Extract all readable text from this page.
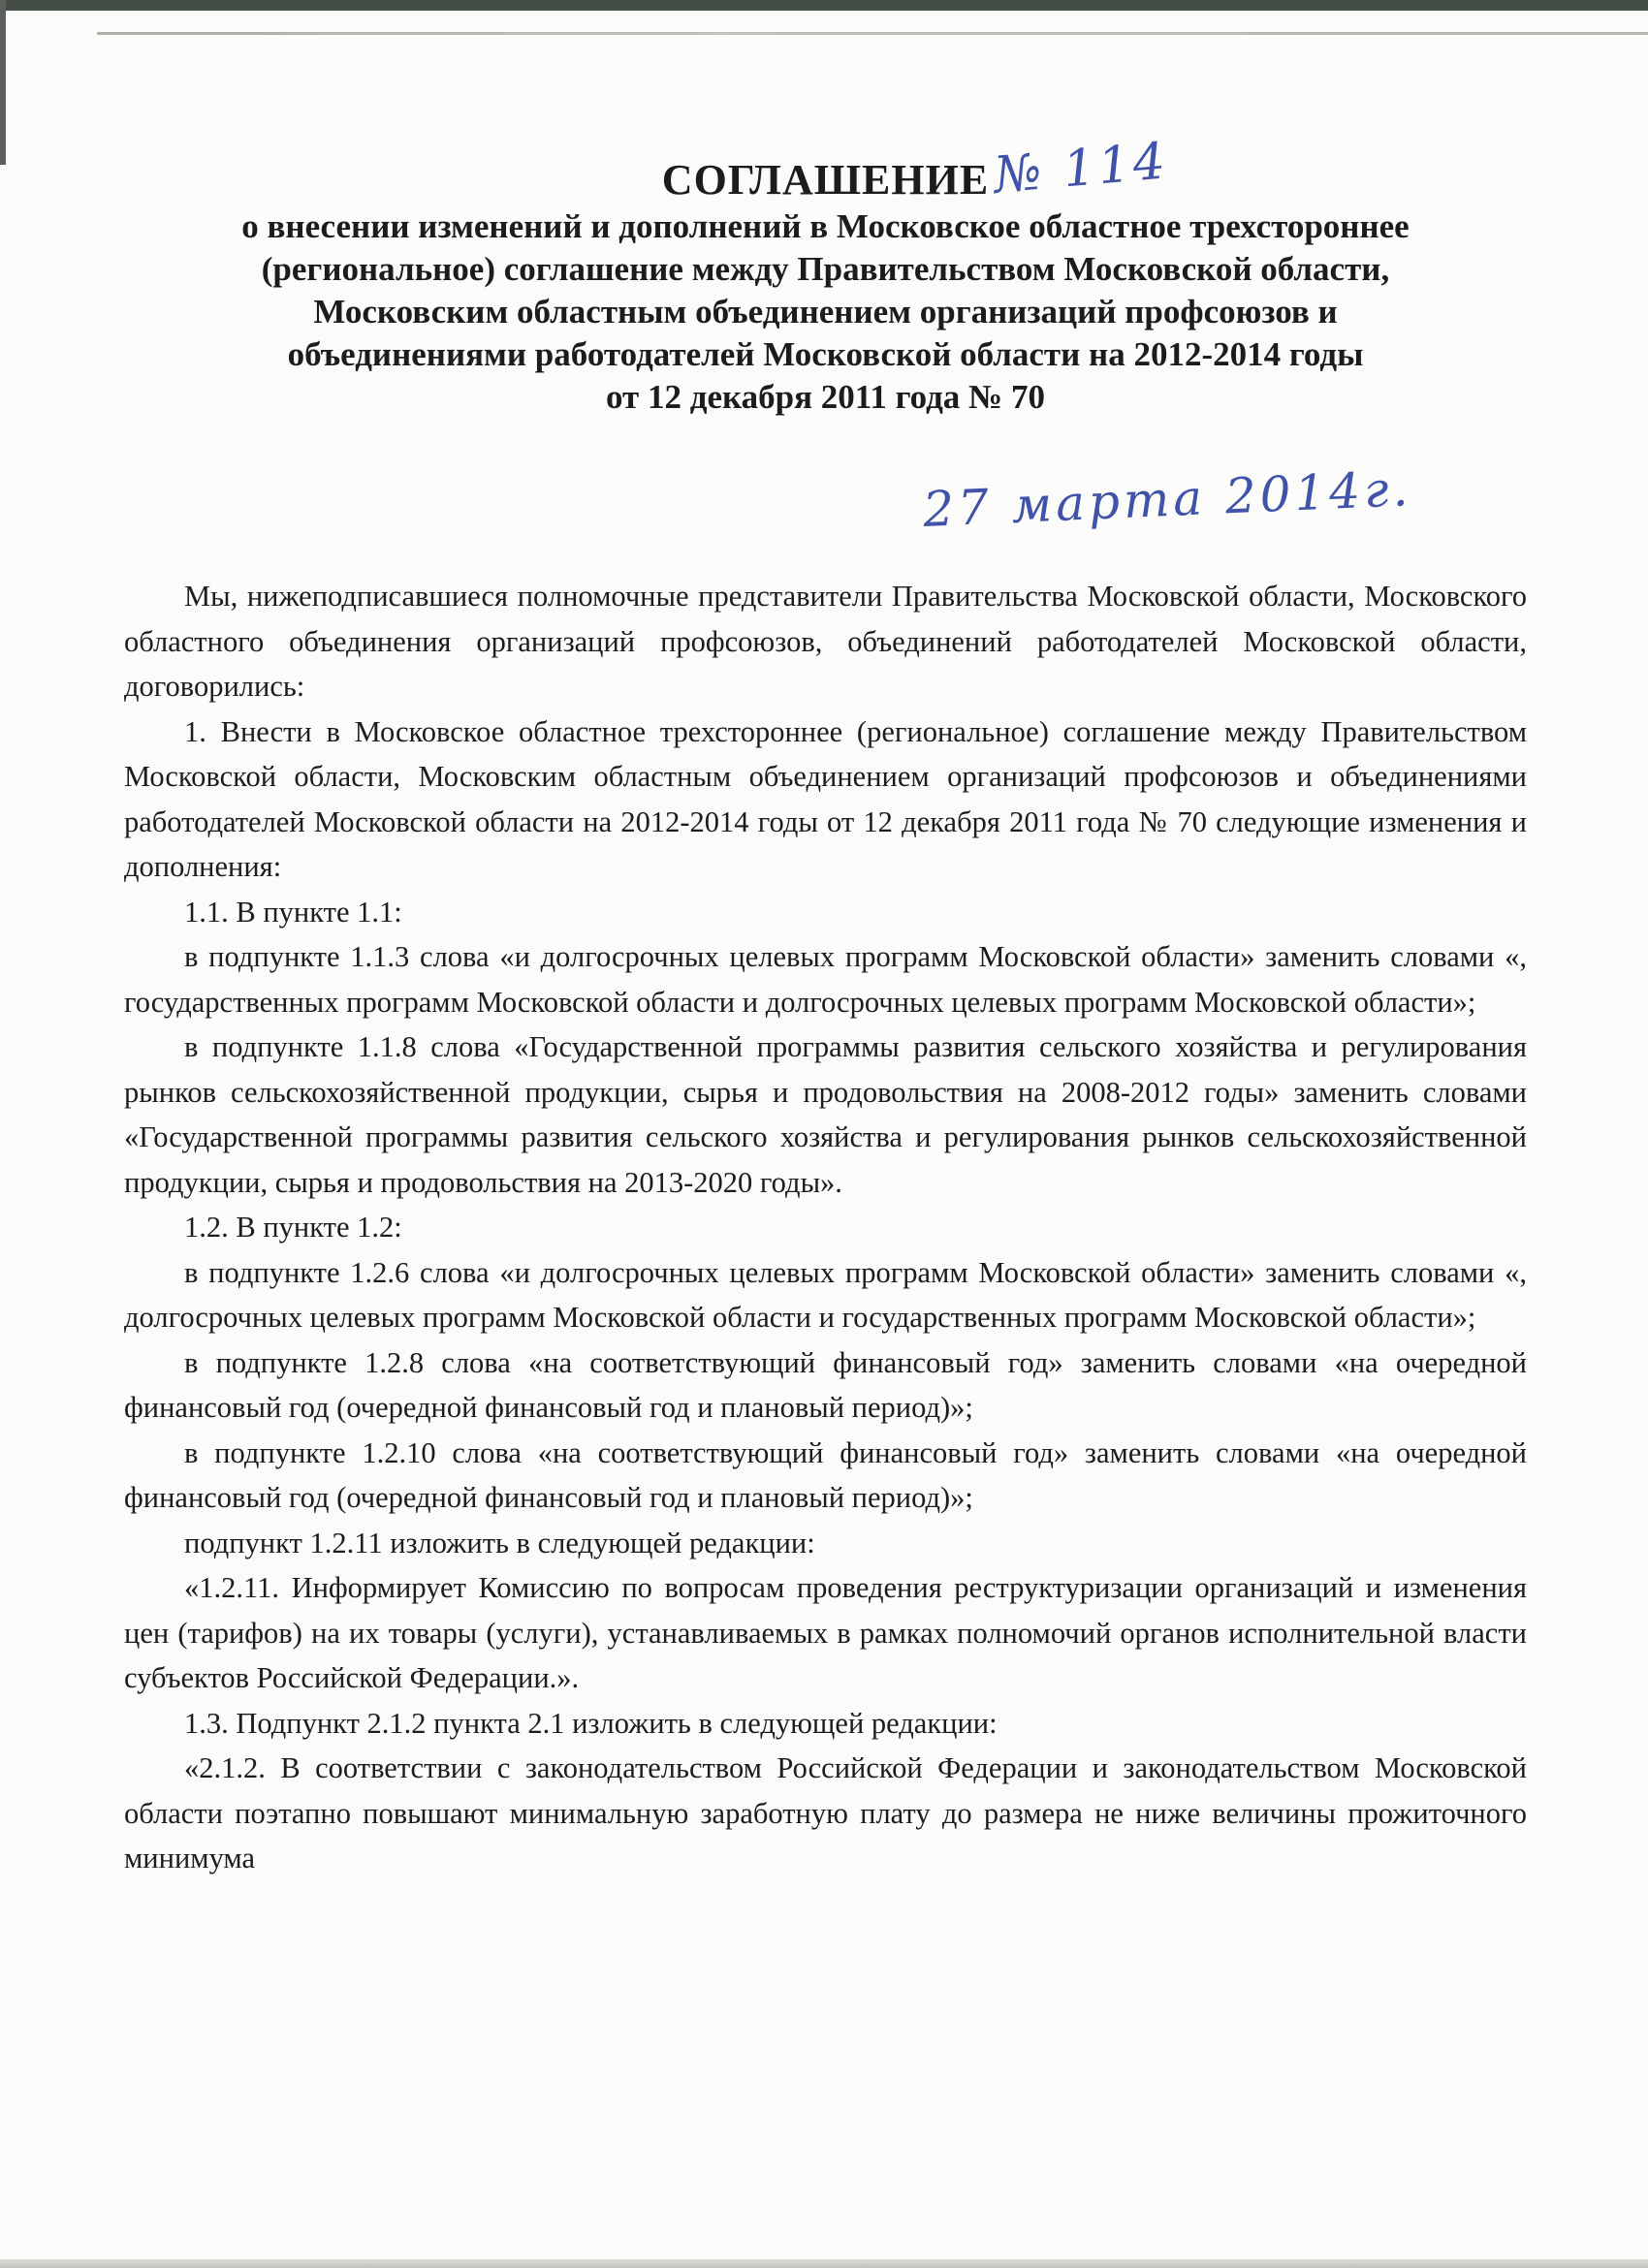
СОГЛАШЕНИЕ № 114
о внесении изменений и дополнений в Московское областное трехстороннее
(региональное) соглашение между Правительством Московской области,
Московским областным объединением организаций профсоюзов и
объединениями работодателей Московской области на 2012-2014 годы
от 12 декабря 2011 года № 70
27 марта 2014г.

Мы, нижеподписавшиеся полномочные представители Правительства Московской области, Московского областного объединения организаций профсоюзов, объединений работодателей Московской области, договорились:

1. Внести в Московское областное трехстороннее (региональное) соглашение между Правительством Московской области, Московским областным объединением организаций профсоюзов и объединениями работодателей Московской области на 2012-2014 годы от 12 декабря 2011 года № 70 следующие изменения и дополнения:

1.1. В пункте 1.1:

в подпункте 1.1.3 слова «и долгосрочных целевых программ Московской области» заменить словами «, государственных программ Московской области и долгосрочных целевых программ Московской области»;

в подпункте 1.1.8 слова «Государственной программы развития сельского хозяйства и регулирования рынков сельскохозяйственной продукции, сырья и продовольствия на 2008-2012 годы» заменить словами «Государственной программы развития сельского хозяйства и регулирования рынков сельскохозяйственной продукции, сырья и продовольствия на 2013-2020 годы».

1.2. В пункте 1.2:

в подпункте 1.2.6 слова «и долгосрочных целевых программ Московской области» заменить словами «, долгосрочных целевых программ Московской области и государственных программ Московской области»;

в подпункте 1.2.8 слова «на соответствующий финансовый год» заменить словами «на очередной финансовый год (очередной финансовый год и плановый период)»;

в подпункте 1.2.10 слова «на соответствующий финансовый год» заменить словами «на очередной финансовый год (очередной финансовый год и плановый период)»;

подпункт 1.2.11 изложить в следующей редакции:

«1.2.11. Информирует Комиссию по вопросам проведения реструктуризации организаций и изменения цен (тарифов) на их товары (услуги), устанавливаемых в рамках полномочий органов исполнительной власти субъектов Российской Федерации.».

1.3. Подпункт 2.1.2 пункта 2.1 изложить в следующей редакции:

«2.1.2. В соответствии с законодательством Российской Федерации и законодательством Московской области поэтапно повышают минимальную заработную плату до размера не ниже величины прожиточного минимума
